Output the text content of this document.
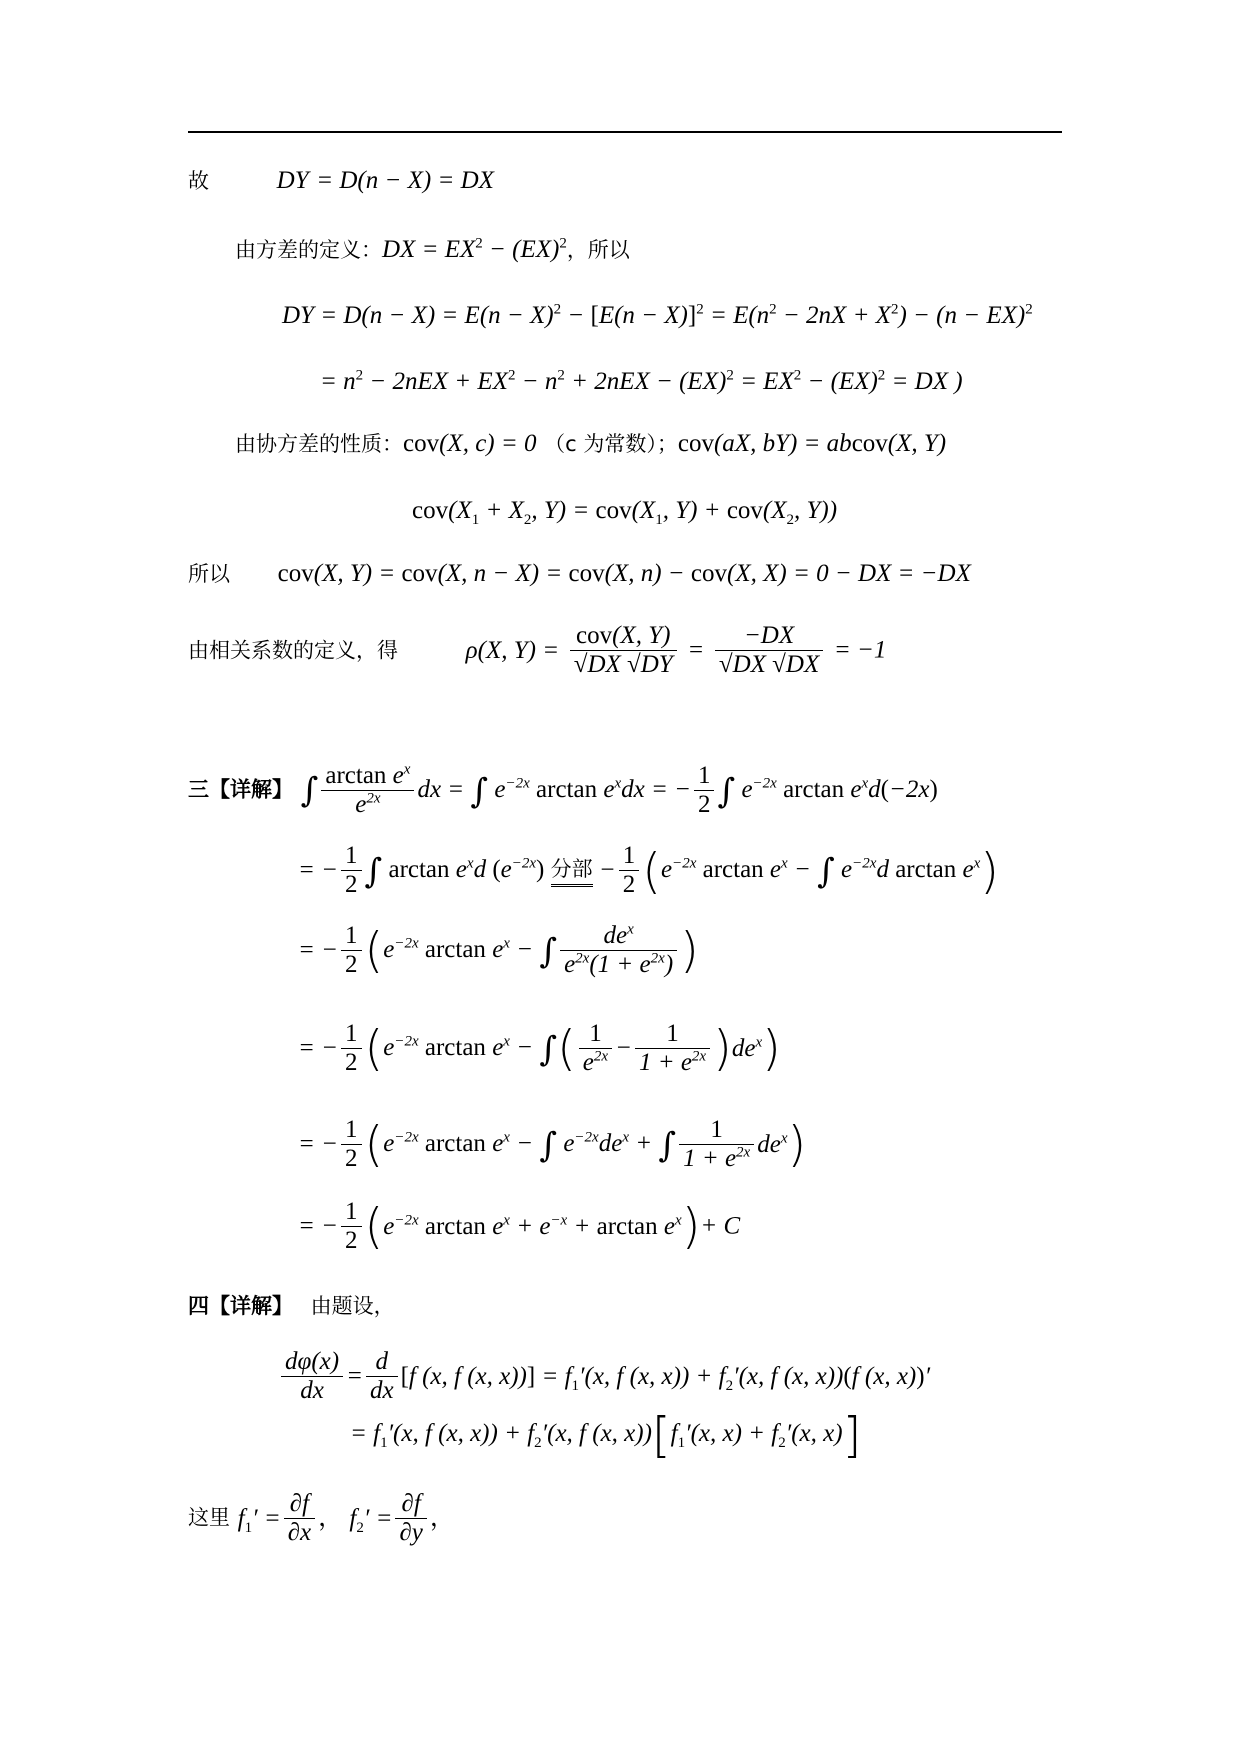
故	DY = D(n − X) = DX
由方差的定义：DX = $EX^2 - (EX)^2$，所以
DY = $D(n - X) = E(n - X)^2 - [E(n - X)]^2 = E(n^2 - 2nX + X^2) - (n - EX)^2$
= $n^2 - 2nEX + EX^2 - n^2 + 2nEX - (EX)^2 = EX^2 - (EX)^2$ = DX )
由协方差的性质：cov(X, c) = 0 （c 为常数）；cov(aX, bY) = abcov(X, Y)
$cov(X_1 + X_2$, $Y) = cov(X_1$, $Y) + cov(X_2$, Y))
所以 cov(X, Y) = cov(X, n − X) = cov(X, n) − cov(X, X) = 0 − DX = −DX
由相关系数的定义，得	ρ(X, $Y) = \frac{\text{cov(X, Y)}}{√DX √DY} = \frac{-DX}{√DX √DX} = -1$
三【详解】 ∫ $\frac{\arctan e^x}{e^{2x}}$ dx = ∫ $e^{-2x}$ $\arctan e^xdx$ = − $\frac{1}{2}$ ∫ $e^{-2x}$ $\arctan e^xd(-2x)$
= − $\frac{1}{2}$ ∫ $\arctan e^xd$ $(e^{-2x})$ 分部 − $\frac{1}{2} (e^{-2x}$ $\arctan e^x$ − ∫ $e^{-2x}d$ $\arctan e^x$)
= − $\frac{1}{2} (e^{-2x}$ $\arctan e^x$ − ∫ $\frac{de^x}{e^{2x}(1 + e^{2x})}$ )
= − $\frac{1}{2} (e^{-2x}$ $\arctan e^x$ − ∫( $\frac{1}{e^{2x}} - \frac{1}{1 + e^{2x}} )de^x$)
= − $\frac{1}{2} (e^{-2x}$ $\arctan e^x$ − ∫ $e^{-2x}de^x$ + ∫ $\frac{1}{1 + e^{2x}} de^x$)
= − $\frac{1}{2} (e^{-2x}$ $\arctan e^x + e^{-x} + \arctan e^x)+ C$
四【详解】 由题设，
$\frac{d\varphi(x)}{dx} = \frac{d}{dx} [f$ (x, f (x, $x))] = f_1'(x$, f (x, $x)) + f_2'(x$, f (x, x))(f (x, x))′
= $f_1'(x$, f (x, $x)) + f_2'(x$, f (x, $x))[f_1'(x$, $x) + f_2'(x$, x)]
这里 $f_1' = \frac{\partial f}{\partial x}$ ， $f_2' = \frac{\partial f}{\partial y}$ ，
